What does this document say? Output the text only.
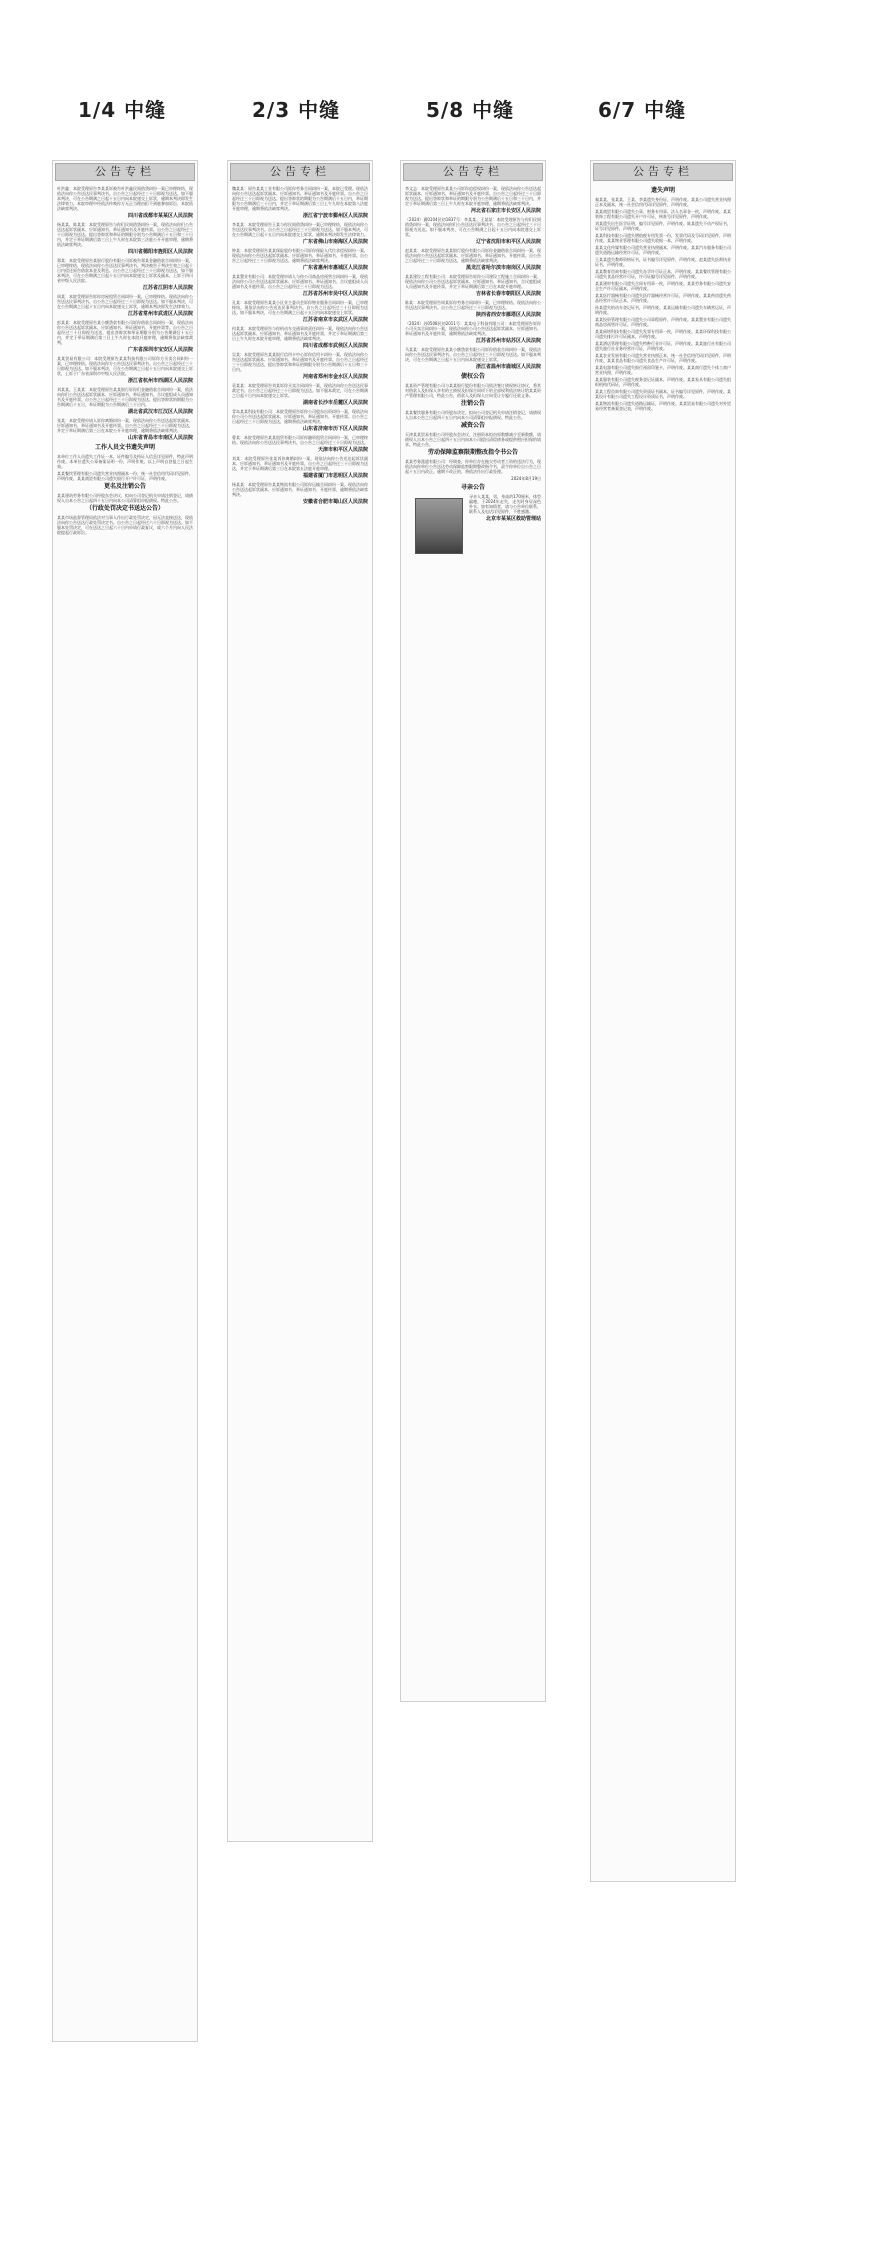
1/4 中缝	2/3 中缝	5/8 中缝	6/7 中缝
公告专栏
叶洪鑫：本院受理原告李某某诉被告叶洪鑫民间借贷纠纷一案已审理终结，现依法向你公告送达民事判决书。自公告之日起经过三十日即视为送达。如不服本判决，可在公告期满之日起十五日内向本院递交上诉状，逾期本判决即发生法律效力。本院审理中经依法传唤你方无正当理由拒不到庭参加诉讼，本院依法缺席判决。
四川省成都市某某区人民法院
杨某某、陈某某：本院受理原告与你们民间借贷纠纷一案，现依法向你们公告送达起诉状副本、应诉通知书、举证通知书及开庭传票。自公告之日起经过三十日即视为送达。提出答辩状和举证的期限分别为公告期满后十五日和三十日内，并定于举证期满后第三日上午九时在本院第三法庭公开开庭审理，逾期将依法缺席判决。
四川省德阳市旌阳区人民法院
郑某：本院受理原告某银行股份有限公司诉被告郑某金融借款合同纠纷一案，已审理终结，现依法向你公告送达民事判决书。判决被告于判决生效之日起十日内偿还原告借款本金及利息。自公告之日起经过三十日即视为送达，如不服本判决，可在公告期满之日起十五日内向本院递交上诉状及副本，上诉于四川省中级人民法院。
江苏省江阴市人民法院
周某：本院受理原告诉你房屋租赁合同纠纷一案，已审理终结。现依法向你公告送达民事判决书。自公告之日起经过三十日即视为送达。如不服本判决，可在公告期满之日起十五日内向本院递交上诉状，逾期本判决即发生法律效力。
江苏省常州市武进区人民法院
彭某某：本院受理原告某小额贷款有限公司诉你借款合同纠纷一案，现依法向你公告送达起诉状副本、应诉通知书、举证通知书、开庭传票等。自公告之日起经过三十日即视为送达，提出答辩状和举证期限分别为公告期满后十五日内，并定于举证期满后第三日上午九时在本院开庭审理，逾期将依法缺席裁判。
广东省深圳市宝安区人民法院
某某贸易有限公司：本院受理原告某某科技有限公司诉你方买卖合同纠纷一案，已审理终结。现依法向你方公告送达民事判决书。自公告之日起经过三十日即视为送达。如不服本判决，可在公告期满之日起十五日内向本院递交上诉状，上诉于广东省深圳市中级人民法院。
浙江省杭州市西湖区人民法院
刘某某、王某某：本院受理原告某某银行诉你们金融借款合同纠纷一案，依法向你们公告送达起诉状副本、应诉通知书、举证通知书、合议庭组成人员通知书及开庭传票。自公告之日起经过三十日即视为送达。提出答辩状的期限为公告期满后十五日，举证期限为公告期满后三十日内。
湖北省武汉市江汉区人民法院
张某：本院受理申请人诉你离婚纠纷一案，现依法向你公告送达起诉状副本、应诉通知书、举证通知书及开庭传票。自公告之日起经过三十日即视为送达，并定于举证期满后第三日在本院公开开庭审理，逾期将依法缺席判决。
山东省青岛市市南区人民法院
工作人员文书遗失声明
本单位工作人员遗失工作证一本，证件编号及持证人信息详见原件，特此声明作废。本单位遗失公章备案证明一份，声明作废。以上声明自登报之日起生效。
某某餐饮管理有限公司遗失营业执照副本一份，统一社会信用代码详见原件，声明作废。某某商贸有限公司遗失银行开户许可证，声明作废。
更名及注销公告
某某建筑劳务有限公司经股东会决议，拟向公司登记机关申请注销登记，请债权人自本公告之日起四十五日内向本公司清算组申报债权。特此公告。
（行政处罚决定书送达公告）
某某市场监督管理局依法对当事人作出行政处罚决定，因无法直接送达，现依法向你公告送达行政处罚决定书。自公告之日起经过六十日即视为送达。如不服本处罚决定，可在送达之日起六十日内申请行政复议，或六个月内向人民法院提起行政诉讼。
公告专栏
魏某某：原告某某工业有限公司诉你劳务合同纠纷一案，本院已受理。现依法向你公告送达起诉状副本、应诉通知书、举证通知书及开庭传票。自公告之日起经过三十日即视为送达。提出答辩状的期限为公告期满后十五日内，举证期限为公告期满后三十日内，并定于举证期满后第三日上午九时在本院第八法庭开庭审理，逾期将依法缺席判决。
浙江省宁波市鄞州区人民法院
李某某：本院受理原告王某与你民间借贷纠纷一案已审理终结，现依法向你公告送达民事判决书。自公告之日起经过三十日即视为送达。如不服本判决，可在公告期满之日起十五日内向本院递交上诉状，逾期本判决即发生法律效力。
广东省佛山市南海区人民法院
钟某：本院受理原告某某保险股份有限公司诉你保险人代位求偿权纠纷一案，现依法向你公告送达起诉状副本、应诉通知书、举证通知书、开庭传票。自公告之日起经过三十日即视为送达，逾期将依法缺席判决。
广东省惠州市惠城区人民法院
某某置业有限公司：本院受理申请人与你公司商品房预售合同纠纷一案，现依法向你公司公告送达起诉状副本、应诉通知书、举证通知书、合议庭组成人员通知书及开庭传票。自公告之日起经过三十日即视为送达。
江苏省苏州市吴中区人民法院
孔某：本院受理原告某某小区业主委员会诉你物业服务合同纠纷一案，已审理终结，现依法向你公告送达民事判决书。自公告之日起经过三十日即视为送达。如不服本判决，可在公告期满之日起十五日内向本院递交上诉状。
江苏省南京市玄武区人民法院
何某某：本院受理原告与你机动车交通事故责任纠纷一案，现依法向你公告送达起诉状副本、应诉通知书、举证通知书及开庭传票，并定于举证期满后第三日上午九时在本院开庭审理，逾期将依法缺席判决。
四川省成都市武侯区人民法院
吴某：本院受理原告某某银行信用卡中心诉你信用卡纠纷一案，现依法向你公告送达起诉状副本、应诉通知书、举证通知书及开庭传票。自公告之日起经过三十日即视为送达，提出答辩状和举证的期限分别为公告期满后十五日和三十日内。
河南省郑州市金水区人民法院
袁某某：本院受理原告刘某诉你买卖合同纠纷一案，现依法向你公告送达民事裁定书。自公告之日起经过三十日即视为送达。如不服本裁定，可在公告期满之日起十日内向本院递交上诉状。
湖南省长沙市岳麓区人民法院
青岛某某科技有限公司：本院受理原告诉你公司股东出资纠纷一案，现依法向你公司公告送达起诉状副本、应诉通知书、举证通知书、开庭传票。自公告之日起经过三十日即视为送达，逾期将依法缺席判决。
山东省济南市历下区人民法院
曹某：本院受理原告某某租赁有限公司诉你融资租赁合同纠纷一案，已审理终结。现依法向你公告送达民事判决书。自公告之日起经过三十日即视为送达。
天津市和平区人民法院
刘某：本院受理原告张某诉你离婚纠纷一案，现依法向你公告送达起诉状副本、应诉通知书、举证通知书及开庭传票。自公告之日起经过三十日即视为送达，并定于举证期满后第三日在本院第五法庭开庭审理。
福建省厦门市思明区人民法院
杨某某：本院受理原告某某物流有限公司诉你运输合同纠纷一案，现依法向你公告送达起诉状副本、应诉通知书、举证通知书、开庭传票，逾期将依法缺席判决。
安徽省合肥市蜀山区人民法院
公告专栏
李文志：本院受理原告某某公司诉你追偿权纠纷一案，现依法向你公告送达起诉状副本、应诉通知书、举证通知书及开庭传票。自公告之日起经过三十日即视为送达。提出答辩状和举证的期限分别为公告期满后十五日和三十日内，并定于举证期满后第三日上午九时在本院开庭审理，逾期将依法缺席判决。
河北省石家庄市长安区人民法院
（2024）冀0104民初1837号：李某某、王某某：本院受理原告与你们民间借贷纠纷一案，现依法向你们公告送达民事判决书。自公告之日起经过三十日即视为送达。如不服本判决，可在公告期满之日起十五日内向本院递交上诉状。
辽宁省沈阳市和平区人民法院
赵某某：本院受理原告某某银行股份有限公司诉你金融借款合同纠纷一案，现依法向你公告送达起诉状副本、应诉通知书、举证通知书、开庭传票。自公告之日起经过三十日即视为送达，逾期将依法缺席判决。
黑龙江省哈尔滨市南岗区人民法院
某某建设工程有限公司：本院受理原告诉你公司建设工程施工合同纠纷一案，现依法向你公司公告送达起诉状副本、应诉通知书、举证通知书、合议庭组成人员通知书及开庭传票，并定于举证期满后第三日在本院开庭审理。
吉林省长春市朝阳区人民法院
陈某：本院受理原告周某诉你劳务合同纠纷一案，已审理终结。现依法向你公告送达民事判决书。自公告之日起经过三十日即视为送达。
陕西省西安市雁塔区人民法院
（2024）苏0508民初2011号：某某电子科技有限公司：本院受理原告诉你公司买卖合同纠纷一案，现依法向你公司公告送达起诉状副本、应诉通知书、举证通知书及开庭传票，逾期将依法缺席判决。
江苏省苏州市姑苏区人民法院
马某某：本院受理原告某某小额贷款有限公司诉你借款合同纠纷一案，现依法向你公告送达民事判决书。自公告之日起经过三十日即视为送达。如不服本判决，可在公告期满之日起十五日内向本院递交上诉状。
浙江省温州市鹿城区人民法院
债权公告
某某资产管理有限公司与某某银行股份有限公司依法签订债权转让协议，将其对借款人及担保人享有的主债权及担保合同项下的全部权利依法转让给某某资产管理有限公司，特此公告，借款人及担保人应向受让方履行还款义务。
注销公告
某某餐饮服务有限公司经股东决定，拟向公司登记机关申请注销登记，请债权人自本公告之日起四十五日内向本公司清算组申报债权。特此公告。
减资公告
天津某某贸易有限公司经股东会决议，注册资本拟由原数额减少至新数额，请债权人自本公告之日起四十五日内向本公司提出清偿债务或提供相应担保的请求。特此公告。
劳动保障监察限期整改指令书公告
某某劳务派遣有限公司：经调查，你单位存在拖欠劳动者工资的违法行为，现依法向你单位公告送达劳动保障监察限期整改指令书，责令你单位自公告之日起十五日内改正。逾期不改正的，将依法作出行政处理。
2024年8月19日
寻亲公告
寻亲人某某，男，身高约170厘米，体型偏瘦，于2024年走失，走失时身穿深色外衣。如有知情者，请与公告单位联系，联系人及电话详见原件，不胜感激。
北京市某某区救助管理站
公告专栏
遗失声明
秦某某、张某某、王某、李某遗失身份证，声明作废。某某公司遗失营业执照正本及副本，统一社会信用代码详见原件，声明作废。
某某商贸有限公司遗失公章、财务专用章、法人名章各一枚，声明作废。某某装饰工程有限公司遗失开户许可证，核准号详见原件，声明作废。
刘某遗失出生医学证明，编号详见原件，声明作废。陈某遗失不动产权证书，证号详见原件，声明作废。
某某科技有限公司遗失增值税专用发票一份，发票代码及号码详见原件，声明作废。某某物业管理有限公司遗失收据一本，声明作废。
某某文化传媒有限公司遗失营业执照副本，声明作废。某某汽车服务有限公司遗失道路运输经营许可证，声明作废。
王某某遗失教师资格证书，证书编号详见原件，声明作废。赵某遗失医师执业证书，声明作废。
某某教育咨询有限公司遗失办学许可证正本，声明作废。某某餐饮管理有限公司遗失食品经营许可证，许可证编号详见原件，声明作废。
某某建材有限公司遗失合同专用章一枚，声明作废。某某劳务有限公司遗失安全生产许可证副本，声明作废。
某某医疗器械有限公司遗失医疗器械经营许可证，声明作废。某某药房遗失药品经营许可证正本，声明作废。
孙某遗失机动车登记证书，声明作废。某某运输有限公司遗失车辆营运证，声明作废。
某某投资管理有限公司遗失公司章程原件，声明作废。某某置业有限公司遗失商品房预售许可证，声明作废。
某某网络科技有限公司遗失发票专用章一枚，声明作废。某某环保科技有限公司遗失排污许可证副本，声明作废。
某某酒店管理有限公司遗失特种行业许可证，声明作废。某某旅行社有限公司遗失旅行社业务经营许可证，声明作废。
某某农业发展有限公司遗失营业执照正本，统一社会信用代码详见原件，声明作废。某某食品有限公司遗失食品生产许可证，声明作废。
某某电器有限公司遗失银行预留印鉴卡，声明作废。某某商行遗失个体工商户营业执照，声明作废。
某某服装有限公司遗失税务登记证副本，声明作废。某某家具有限公司遗失组织机构代码证，声明作废。
某某工程咨询有限公司遗失资质证书副本，证书编号详见原件，声明作废。某某设计有限公司遗失工程设计资质证书，声明作废。
某某物流有限公司遗失道路运输证，声明作废。某某贸易有限公司遗失对外贸易经营者备案登记表，声明作废。
